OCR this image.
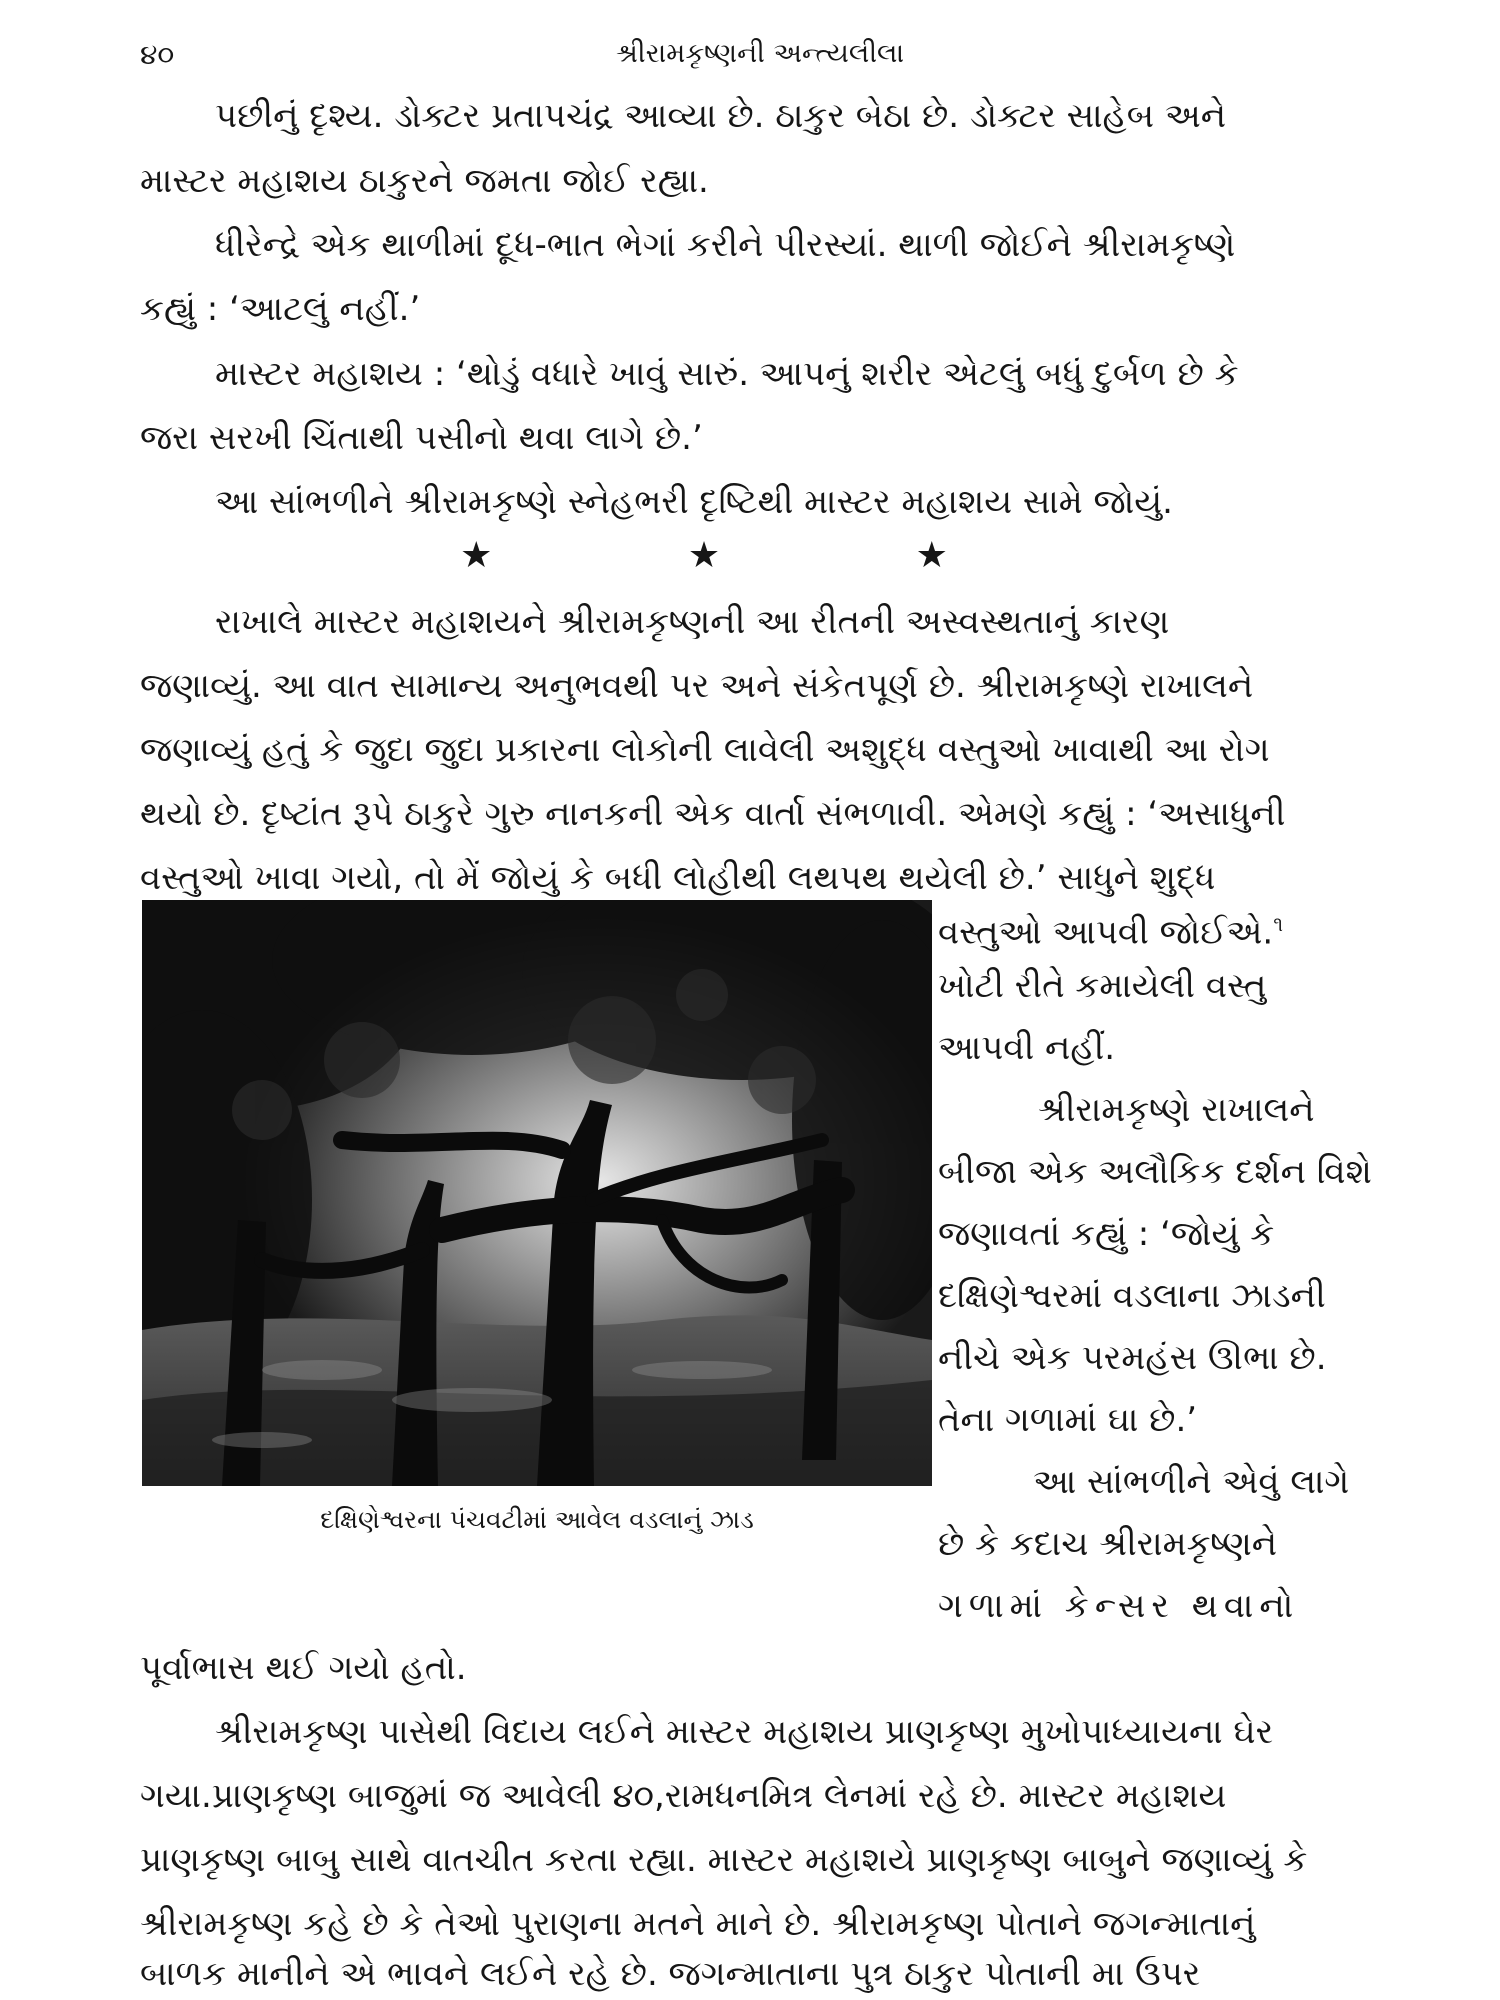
૪૦	શ્રીરામકૃષ્ણની અન્ત્યલીલા
પછીનું દૃશ્ય. ડોક્ટર પ્રતાપચંદ્ર આવ્યા છે. ઠાકુર બેઠા છે. ડોક્ટર સાહેબ અને
માસ્ટર મહાશય ઠાકુરને જમતા જોઈ રહ્યા.
ધીરેન્દ્રે એક થાળીમાં દૂધ-ભાત ભેગાં કરીને પીરસ્યાં. થાળી જોઈને શ્રીરામકૃષ્ણે
કહ્યું : ‘આટલું નહીં.’
માસ્ટર મહાશય : ‘થોડું વધારે ખાવું સારું. આપનું શરીર એટલું બધું દુર્બળ છે કે
જરા સરખી ચિંતાથી પસીનો થવા લાગે છે.’
આ સાંભળીને શ્રીરામકૃષ્ણે સ્નેહભરી દૃષ્ટિથી માસ્ટર મહાશય સામે જોયું.
★ ★ ★
રાખાલે માસ્ટર મહાશયને શ્રીરામકૃષ્ણની આ રીતની અસ્વસ્થતાનું કારણ
જણાવ્યું. આ વાત સામાન્ય અનુભવથી પર અને સંકેતપૂર્ણ છે. શ્રીરામકૃષ્ણે રાખાલને
જણાવ્યું હતું કે જુદા જુદા પ્રકારના લોકોની લાવેલી અશુદ્ધ વસ્તુઓ ખાવાથી આ રોગ
થયો છે. દૃષ્ટાંત રૂપે ઠાકુરે ગુરુ નાનકની એક વાર્તા સંભળાવી. એમણે કહ્યું : ‘અસાધુની
વસ્તુઓ ખાવા ગયો, તો મેં જોયું કે બધી લોહીથી લથપથ થયેલી છે.’ સાધુને શુદ્ધ
દક્ષિણેશ્વરના પંચવટીમાં આવેલ વડલાનું ઝાડ
વસ્તુઓ આપવી જોઈએ.$^૧$
ખોટી રીતે કમાયેલી વસ્તુ
આપવી નહીં.
શ્રીરામકૃષ્ણે રાખાલને
બીજા એક અલૌકિક દર્શન વિશે
જણાવતાં કહ્યું : ‘જોયું કે
દક્ષિણેશ્વરમાં વડલાના ઝાડની
નીચે એક પરમહંસ ઊભા છે.
તેના ગળામાં ઘા છે.’
આ સાંભળીને એવું લાગે
છે કે કદાચ શ્રીરામકૃષ્ણને
ગળામાં કેન્સર થવાનો
પૂર્વાભાસ થઈ ગયો હતો.
શ્રીરામકૃષ્ણ પાસેથી વિદાય લઈને માસ્ટર મહાશય પ્રાણકૃષ્ણ મુખોપાધ્યાયના ઘેર
ગયા.પ્રાણકૃષ્ણ બાજુમાં જ આવેલી ૪૦,રામધનમિત્ર લેનમાં રહે છે. માસ્ટર મહાશય
પ્રાણકૃષ્ણ બાબુ સાથે વાતચીત કરતા રહ્યા. માસ્ટર મહાશયે પ્રાણકૃષ્ણ બાબુને જણાવ્યું કે
શ્રીરામકૃષ્ણ કહે છે કે તેઓ પુરાણના મતને માને છે. શ્રીરામકૃષ્ણ પોતાને જગન્માતાનું
બાળક માનીને એ ભાવને લઈને રહે છે. જગન્માતાના પુત્ર ઠાકુર પોતાની મા ઉપર
